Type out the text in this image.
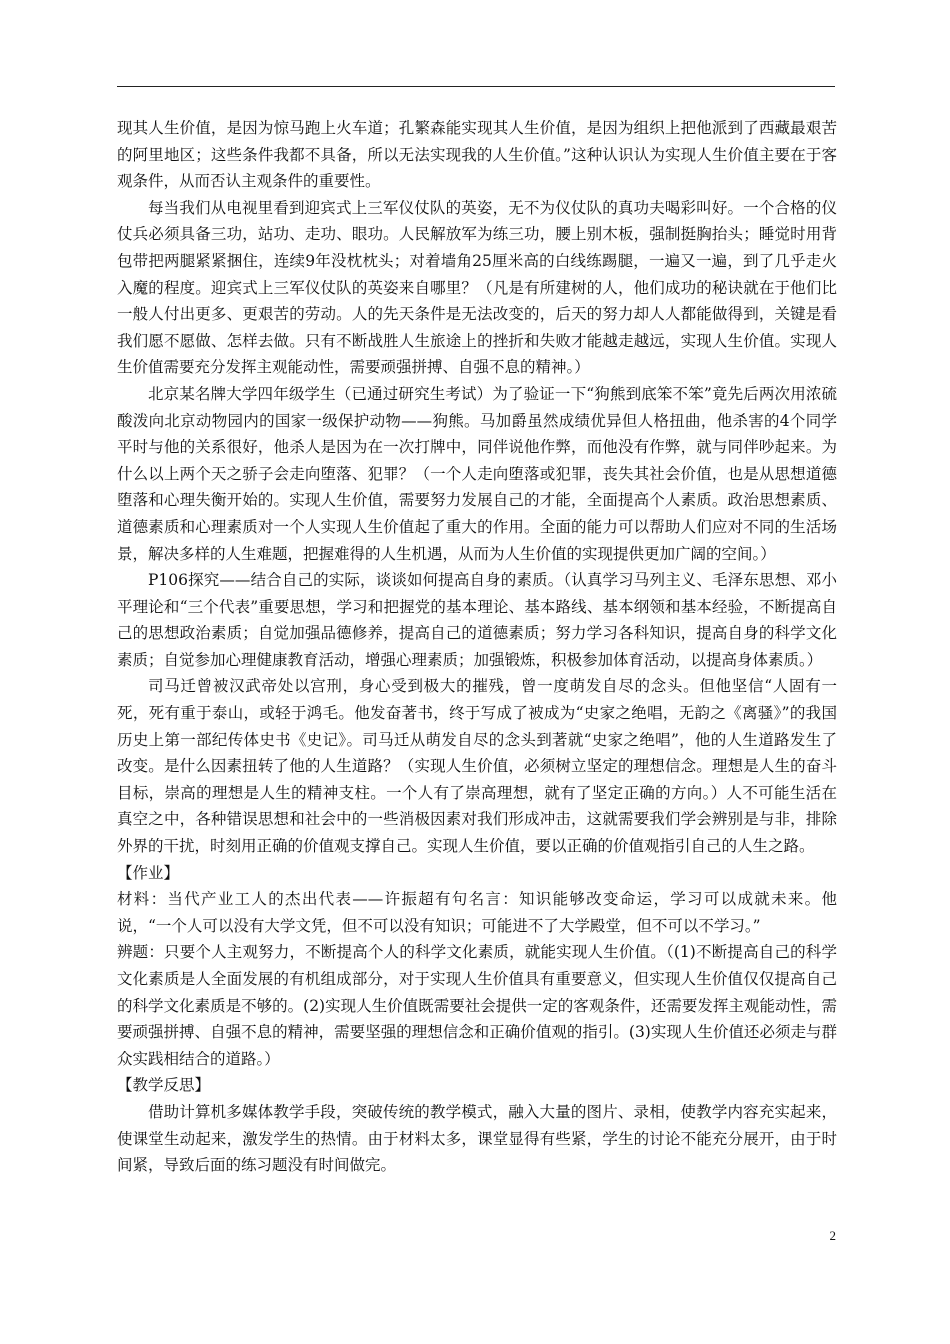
现其人生价值，是因为惊马跑上火车道；孔繁森能实现其人生价值，是因为组织上把他派到了西藏最艰苦的阿里地区；这些条件我都不具备，所以无法实现我的人生价值。”这种认识认为实现人生价值主要在于客观条件，从而否认主观条件的重要性。

每当我们从电视里看到迎宾式上三军仪仗队的英姿，无不为仪仗队的真功夫喝彩叫好。一个合格的仪仗兵必须具备三功，站功、走功、眼功。人民解放军为练三功，腰上别木板，强制挺胸抬头；睡觉时用背包带把两腿紧紧捆住，连续9年没枕枕头；对着墙角25厘米高的白线练踢腿，一遍又一遍，到了几乎走火入魔的程度。迎宾式上三军仪仗队的英姿来自哪里？（凡是有所建树的人，他们成功的秘诀就在于他们比一般人付出更多、更艰苦的劳动。人的先天条件是无法改变的，后天的努力却人人都能做得到，关键是看我们愿不愿做、怎样去做。只有不断战胜人生旅途上的挫折和失败才能越走越远，实现人生价值。实现人生价值需要充分发挥主观能动性，需要顽强拼搏、自强不息的精神。）

北京某名牌大学四年级学生（已通过研究生考试）为了验证一下“狗熊到底笨不笨”竟先后两次用浓硫酸泼向北京动物园内的国家一级保护动物——狗熊。马加爵虽然成绩优异但人格扭曲，他杀害的4个同学平时与他的关系很好，他杀人是因为在一次打牌中，同伴说他作弊，而他没有作弊，就与同伴吵起来。为什么以上两个天之骄子会走向堕落、犯罪？（一个人走向堕落或犯罪，丧失其社会价值，也是从思想道德堕落和心理失衡开始的。实现人生价值，需要努力发展自己的才能，全面提高个人素质。政治思想素质、道德素质和心理素质对一个人实现人生价值起了重大的作用。全面的能力可以帮助人们应对不同的生活场景，解决多样的人生难题，把握难得的人生机遇，从而为人生价值的实现提供更加广阔的空间。）

P106探究——结合自己的实际，谈谈如何提高自身的素质。（认真学习马列主义、毛泽东思想、邓小平理论和“三个代表”重要思想，学习和把握党的基本理论、基本路线、基本纲领和基本经验，不断提高自己的思想政治素质；自觉加强品德修养，提高自己的道德素质；努力学习各科知识，提高自身的科学文化素质；自觉参加心理健康教育活动，增强心理素质；加强锻炼，积极参加体育活动，以提高身体素质。）

司马迁曾被汉武帝处以宫刑，身心受到极大的摧残，曾一度萌发自尽的念头。但他坚信“人固有一死，死有重于泰山，或轻于鸿毛。他发奋著书，终于写成了被成为“史家之绝唱，无韵之《离骚》”的我国历史上第一部纪传体史书《史记》。司马迁从萌发自尽的念头到著就“史家之绝唱”，他的人生道路发生了改变。是什么因素扭转了他的人生道路？（实现人生价值，必须树立坚定的理想信念。理想是人生的奋斗目标，崇高的理想是人生的精神支柱。一个人有了崇高理想，就有了坚定正确的方向。）人不可能生活在真空之中，各种错误思想和社会中的一些消极因素对我们形成冲击，这就需要我们学会辨别是与非，排除外界的干扰，时刻用正确的价值观支撑自己。实现人生价值，要以正确的价值观指引自己的人生之路。

【作业】

材料：当代产业工人的杰出代表——许振超有句名言：知识能够改变命运，学习可以成就未来。他说，“一个人可以没有大学文凭，但不可以没有知识；可能进不了大学殿堂，但不可以不学习。”

辨题：只要个人主观努力，不断提高个人的科学文化素质，就能实现人生价值。（(1)不断提高自己的科学文化素质是人全面发展的有机组成部分，对于实现人生价值具有重要意义，但实现人生价值仅仅提高自己的科学文化素质是不够的。(2)实现人生价值既需要社会提供一定的客观条件，还需要发挥主观能动性，需要顽强拼搏、自强不息的精神，需要坚强的理想信念和正确价值观的指引。(3)实现人生价值还必须走与群众实践相结合的道路。）

【教学反思】

借助计算机多媒体教学手段，突破传统的教学模式，融入大量的图片、录相，使教学内容充实起来，使课堂生动起来，激发学生的热情。由于材料太多，课堂显得有些紧，学生的讨论不能充分展开，由于时间紧，导致后面的练习题没有时间做完。

2
